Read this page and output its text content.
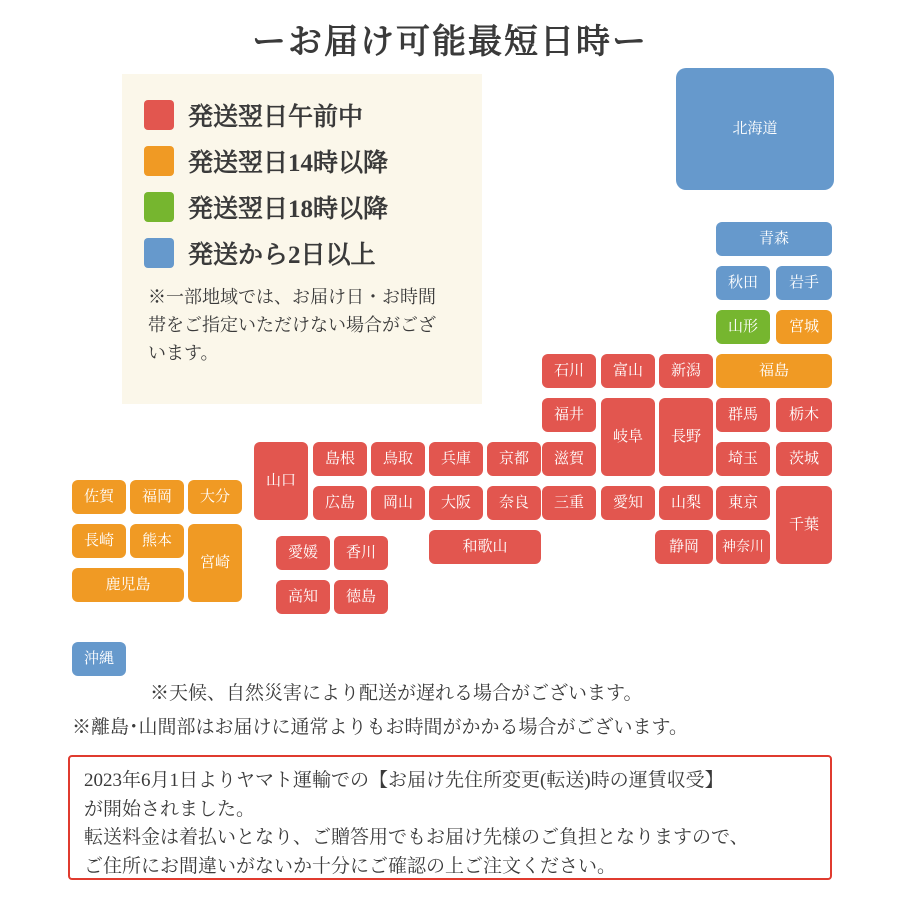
ーお届け可能最短日時ー
発送翌日午前中
発送翌日14時以降
発送翌日18時以降
発送から2日以上
※一部地域では、お届け日・お時間帯をご指定いただけない場合がございます。
北海道
青森
秋田 岩手
山形 宮城
福島
石川 富山 新潟
福井
岐阜 長野
群馬 栃木
埼玉 茨城
山口
島根 鳥取 兵庫 京都 滋賀
広島 岡山 大阪 奈良 三重 愛知 山梨 東京
千葉
静岡 神奈川
和歌山
愛媛 香川
高知 徳島
佐賀 福岡 大分
長崎 熊本
宮崎
鹿児島
沖縄
※天候、自然災害により配送が遅れる場合がございます。
※離島･山間部はお届けに通常よりもお時間がかかる場合がございます。

2023年6月1日よりヤマト運輸での【お届け先住所変更(転送)時の運賃収受】

が開始されました。

転送料金は着払いとなり、ご贈答用でもお届け先様のご負担となりますので、

ご住所にお間違いがないか十分にご確認の上ご注文ください。
